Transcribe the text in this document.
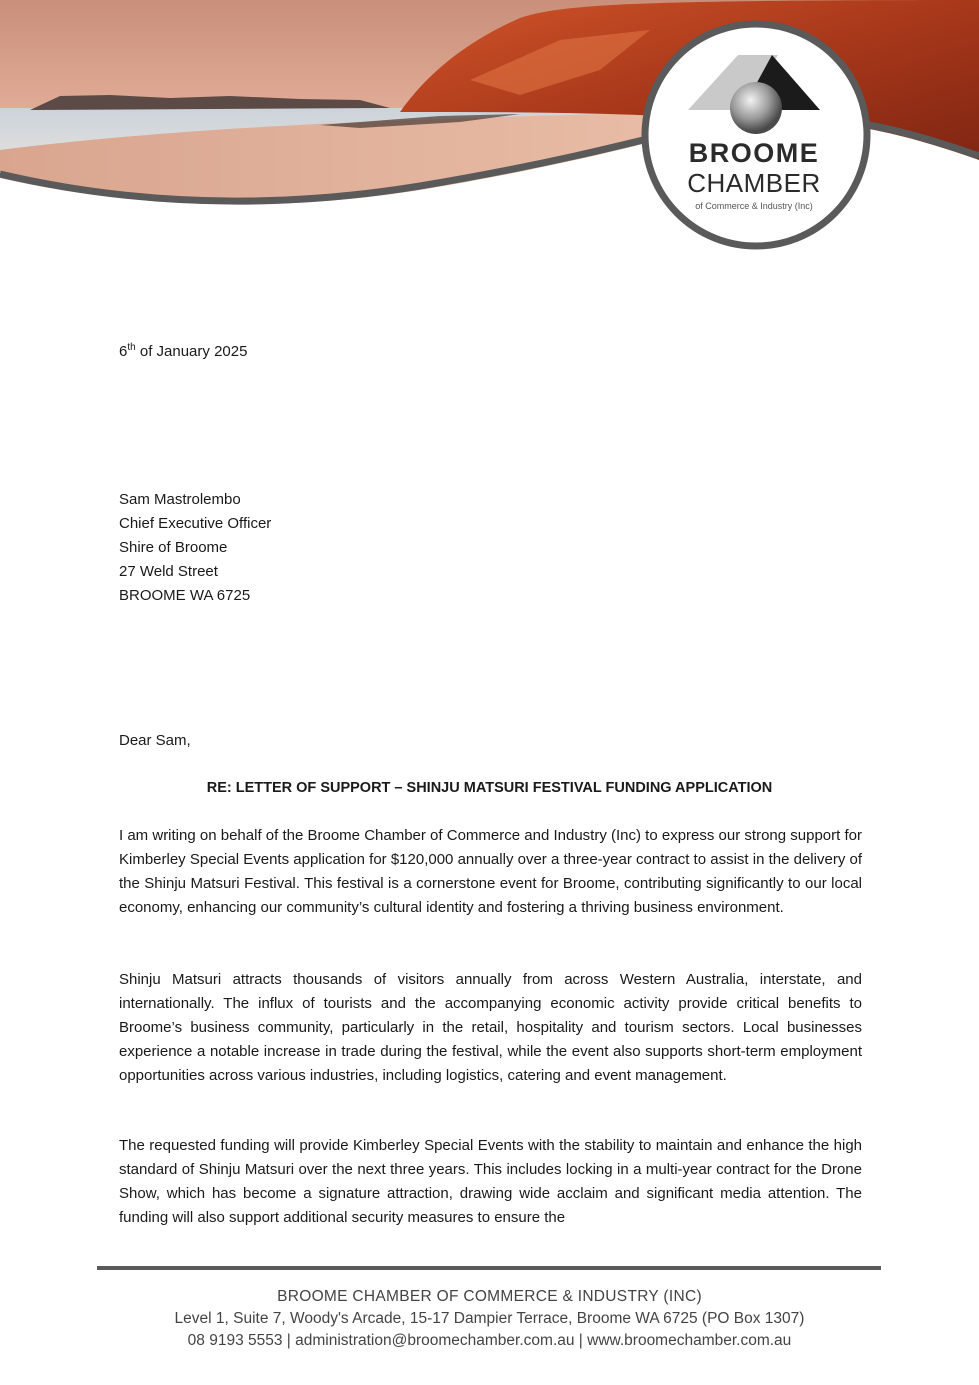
BROOME
CHAMBER
of Commerce & Industry (Inc)
6th of January 2025
Sam Mastrolembo
Chief Executive Officer
Shire of Broome
27 Weld Street
BROOME WA 6725
Dear Sam,
RE: LETTER OF SUPPORT – SHINJU MATSURI FESTIVAL FUNDING APPLICATION
I am writing on behalf of the Broome Chamber of Commerce and Industry (Inc) to express our strong support for Kimberley Special Events application for $120,000 annually over a three-year contract to assist in the delivery of the Shinju Matsuri Festival. This festival is a cornerstone event for Broome, contributing significantly to our local economy, enhancing our community’s cultural identity and fostering a thriving business environment.
Shinju Matsuri attracts thousands of visitors annually from across Western Australia, interstate, and internationally. The influx of tourists and the accompanying economic activity provide critical benefits to Broome’s business community, particularly in the retail, hospitality and tourism sectors. Local businesses experience a notable increase in trade during the festival, while the event also supports short-term employment opportunities across various industries, including logistics, catering and event management.
The requested funding will provide Kimberley Special Events with the stability to maintain and enhance the high standard of Shinju Matsuri over the next three years. This includes locking in a multi-year contract for the Drone Show, which has become a signature attraction, drawing wide acclaim and significant media attention. The funding will also support additional security measures to ensure the
BROOME CHAMBER OF COMMERCE & INDUSTRY (INC)
Level 1, Suite 7, Woody's Arcade, 15-17 Dampier Terrace, Broome WA 6725 (PO Box 1307)
08 9193 5553 | administration@broomechamber.com.au | www.broomechamber.com.au
